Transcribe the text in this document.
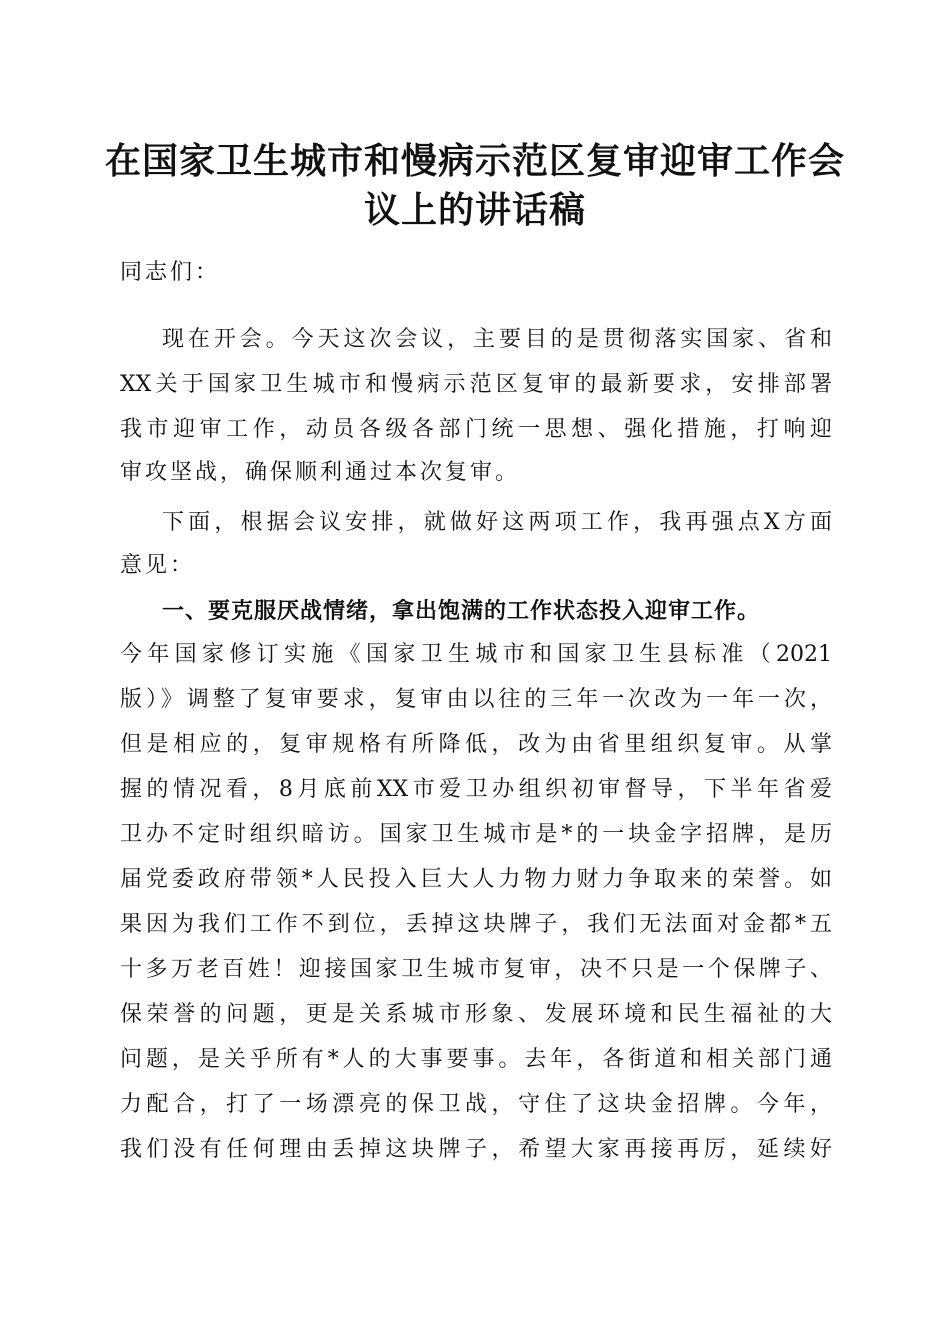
在国家卫生城市和慢病示范区复审迎审工作会
议上的讲话稿
同志们：
现在开会。今天这次会议，主要目的是贯彻落实国家、省和
XX关于国家卫生城市和慢病示范区复审的最新要求，安排部署
我市迎审工作，动员各级各部门统一思想、强化措施，打响迎
审攻坚战，确保顺利通过本次复审。
下面，根据会议安排，就做好这两项工作，我再强点X方面
意见：
一、要克服厌战情绪，拿出饱满的工作状态投入迎审工作。
今年国家修订实施《国家卫生城市和国家卫生县标准（2021
版）》调整了复审要求，复审由以往的三年一次改为一年一次，
但是相应的，复审规格有所降低，改为由省里组织复审。从掌
握的情况看，8月底前XX市爱卫办组织初审督导，下半年省爱
卫办不定时组织暗访。国家卫生城市是*的一块金字招牌，是历
届党委政府带领*人民投入巨大人力物力财力争取来的荣誉。如
果因为我们工作不到位，丢掉这块牌子，我们无法面对金都*五
十多万老百姓！迎接国家卫生城市复审，决不只是一个保牌子、
保荣誉的问题，更是关系城市形象、发展环境和民生福祉的大
问题，是关乎所有*人的大事要事。去年，各街道和相关部门通
力配合，打了一场漂亮的保卫战，守住了这块金招牌。今年，
我们没有任何理由丢掉这块牌子，希望大家再接再厉，延续好
